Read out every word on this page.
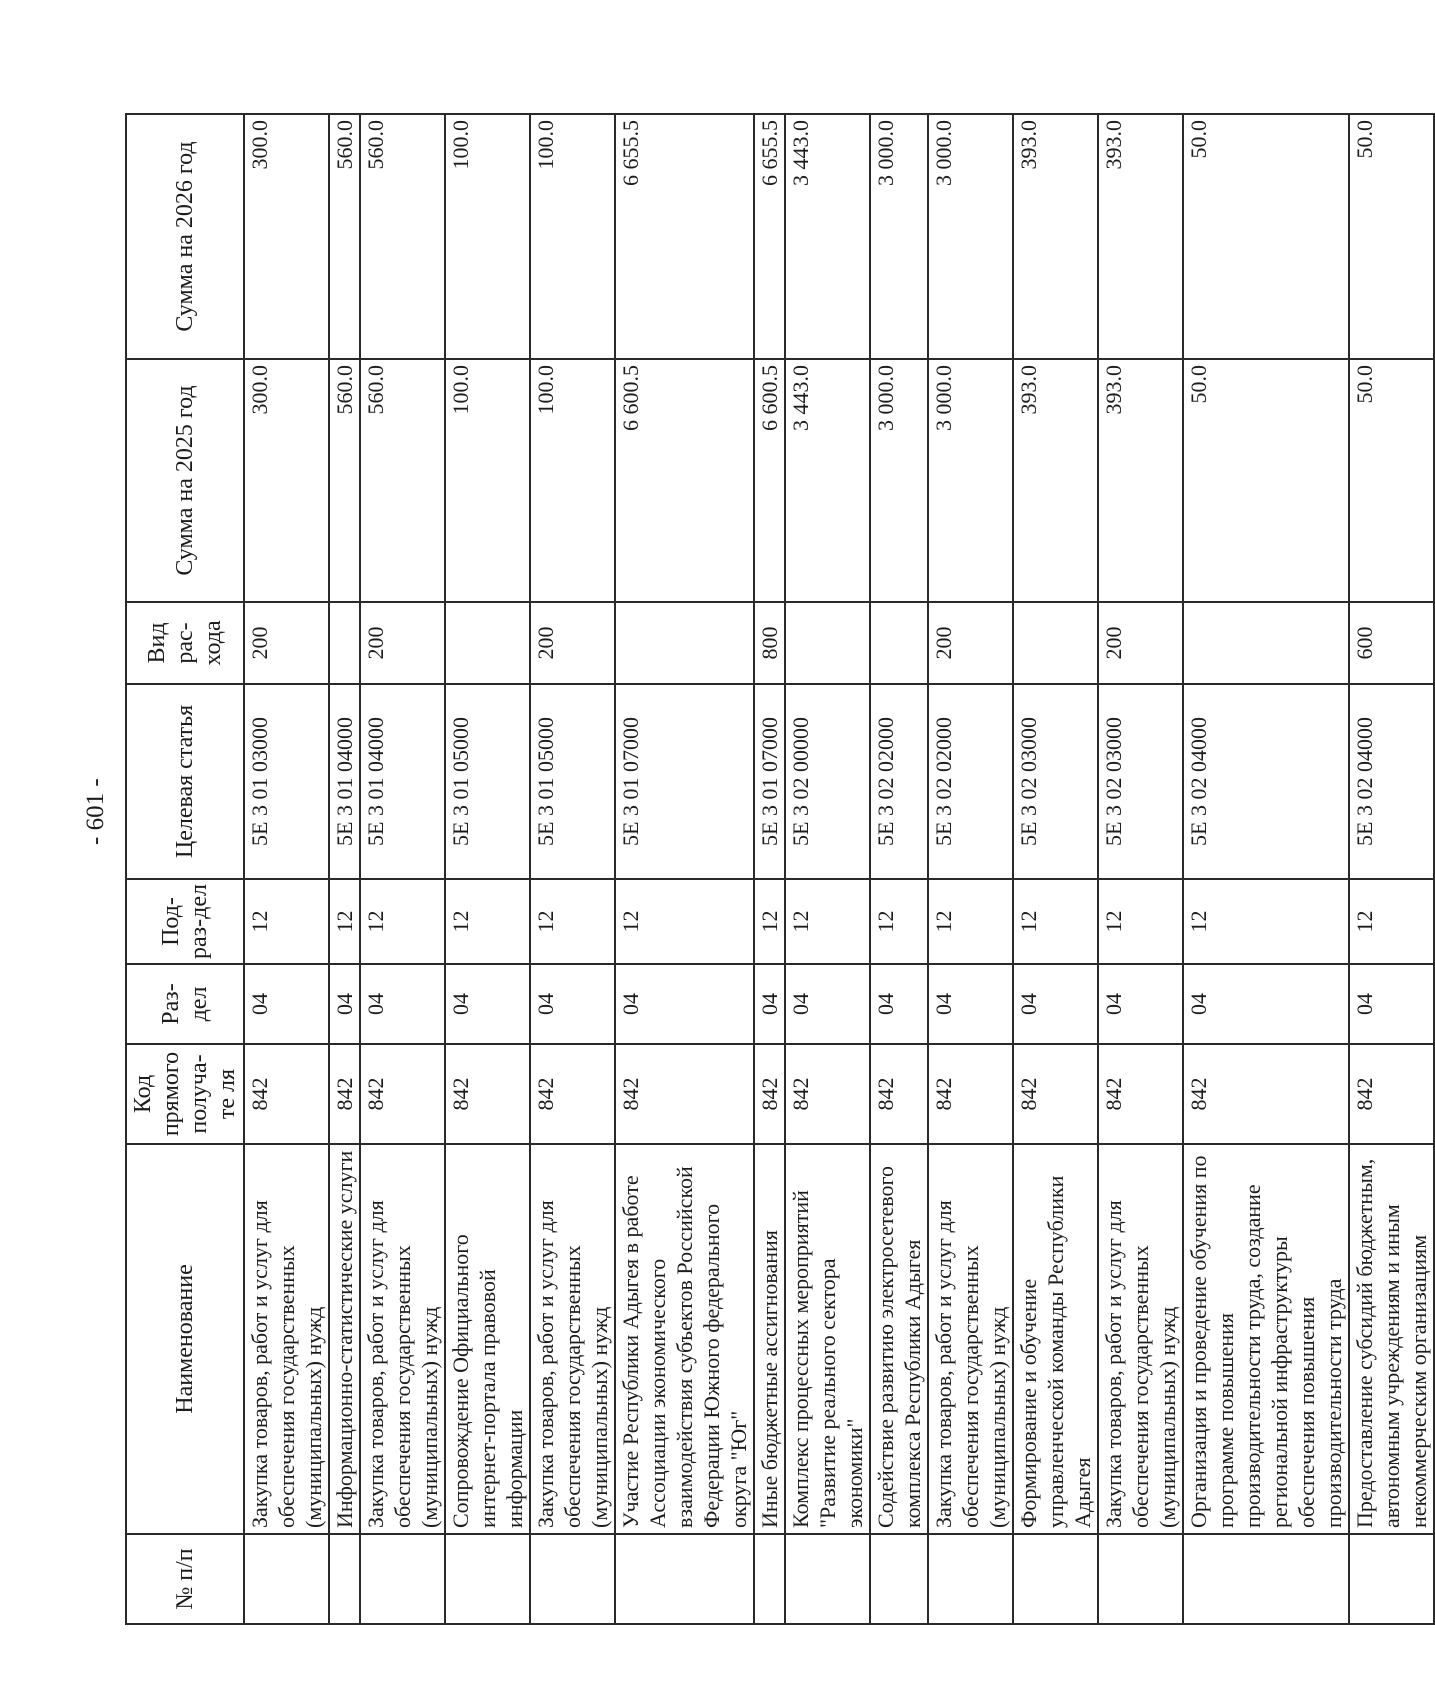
- 601 -
№ п/п	Наименование	Код прямого получа-те ля	Раз-дел	Под-раз-дел	Целевая статья	Вид рас-хода	Сумма на 2025 год	Сумма на 2026 год
	Закупка товаров, работ и услуг для обеспечения государственных (муниципальных) нужд	842	04	12	5Е 3 01 03000	200	300.0	300.0
	Информационно-статистические услуги	842	04	12	5Е 3 01 04000		560.0	560.0
	Закупка товаров, работ и услуг для обеспечения государственных (муниципальных) нужд	842	04	12	5Е 3 01 04000	200	560.0	560.0
	Сопровождение Официального интернет-портала правовой информации	842	04	12	5Е 3 01 05000		100.0	100.0
	Закупка товаров, работ и услуг для обеспечения государственных (муниципальных) нужд	842	04	12	5Е 3 01 05000	200	100.0	100.0
	Участие Республики Адыгея в работе Ассоциации экономического взаимодействия субъектов Российской Федерации Южного федерального округа "Юг"	842	04	12	5Е 3 01 07000		6 600.5	6 655.5
	Иные бюджетные ассигнования	842	04	12	5Е 3 01 07000	800	6 600.5	6 655.5
	Комплекс процессных мероприятий "Развитие реального сектора экономики"	842	04	12	5Е 3 02 00000		3 443.0	3 443.0
	Содействие развитию электросетевого комплекса Республики Адыгея	842	04	12	5Е 3 02 02000		3 000.0	3 000.0
	Закупка товаров, работ и услуг для обеспечения государственных (муниципальных) нужд	842	04	12	5Е 3 02 02000	200	3 000.0	3 000.0
	Формирование и обучение управленческой команды Республики Адыгея	842	04	12	5Е 3 02 03000		393.0	393.0
	Закупка товаров, работ и услуг для обеспечения государственных (муниципальных) нужд	842	04	12	5Е 3 02 03000	200	393.0	393.0
	Организация и проведение обучения по программе повышения производительности труда, создание региональной инфраструктуры обеспечения повышения производительности труда	842	04	12	5Е 3 02 04000		50.0	50.0
	Предоставление субсидий бюджетным, автономным учреждениям и иным некоммерческим организациям	842	04	12	5Е 3 02 04000	600	50.0	50.0
